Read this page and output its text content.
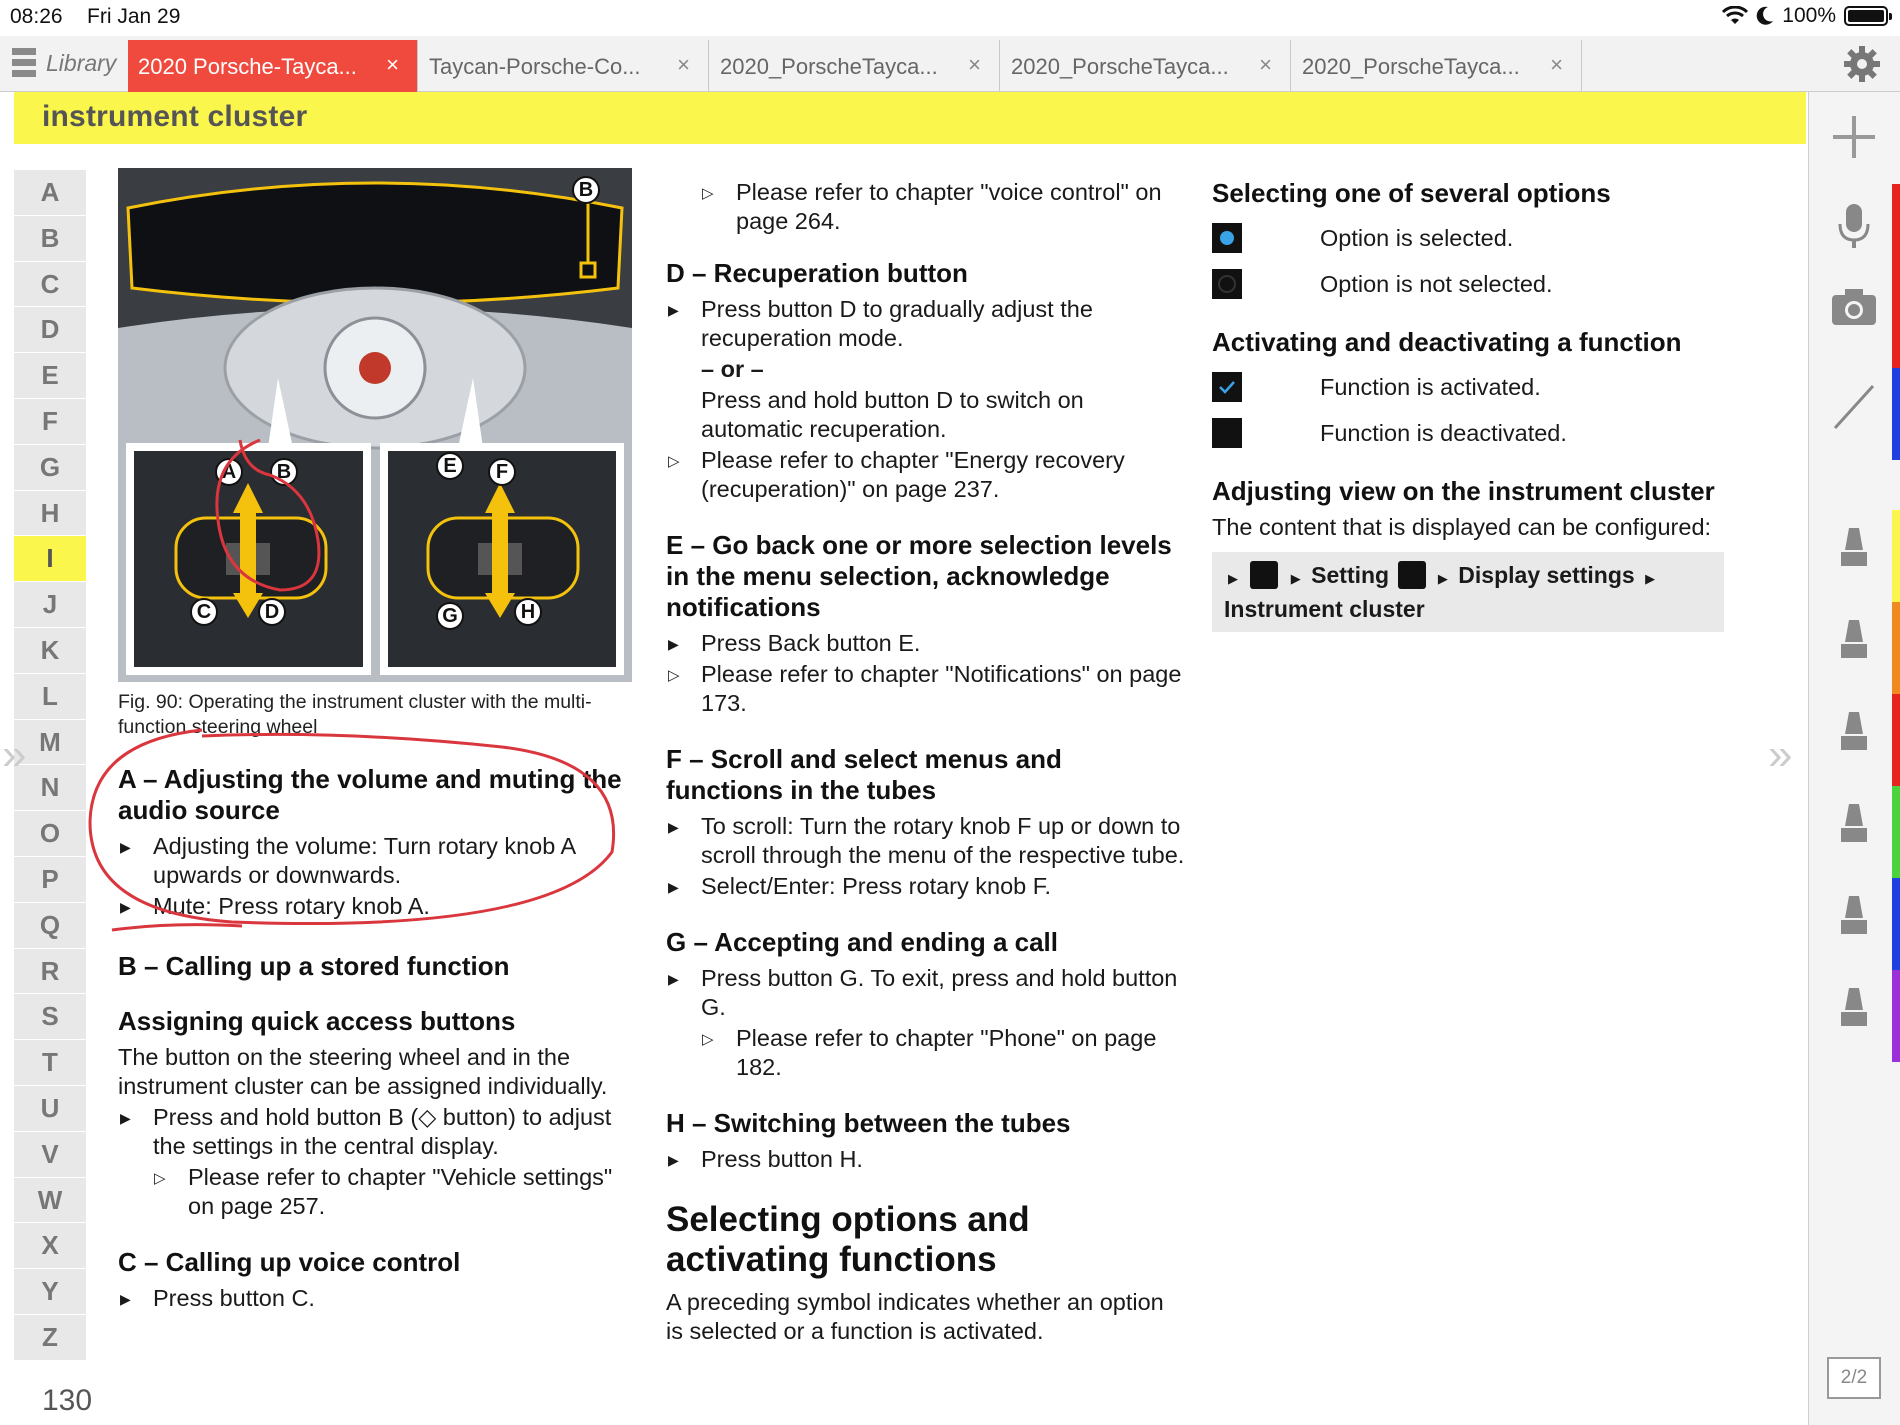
08:26 Fri Jan 29	100%
Library 2020 Porsche-Tayca... × Taycan-Porsche-Co... × 2020_PorscheTayca... × 2020_PorscheTayca... × 2020_PorscheTayca... ×
instrument cluster
A
B
C
D
E
F
G
H
I
J
K
L
M
N
O
P
Q
R
S
T
U
V
W
X
Y
Z
130
»	»
B
A	B	E	F
C	D	G	H
Fig. 90: Operating the instrument cluster with the multi-function steering wheel
A – Adjusting the volume and muting the audio source

▶ Adjusting the volume: Turn rotary knob A upwards or downwards.

▶ Mute: Press rotary knob A.

B – Calling up a stored function
Assigning quick access buttons

The button on the steering wheel and in the instrument cluster can be assigned individually.

▶ Press and hold button B (◇ button) to adjust the settings in the central display.

▷ Please refer to chapter "Vehicle settings" on page 257.

C – Calling up voice control

▶ Press button C.

▷ Please refer to chapter "voice control" on page 264.

D – Recuperation button

▶ Press button D to gradually adjust the recuperation mode.

– or –

Press and hold button D to switch on automatic recuperation.

▷ Please refer to chapter "Energy recovery (recuperation)" on page 237.

E – Go back one or more selection levels in the menu selection, acknowledge notifications

▶ Press Back button E.

▷ Please refer to chapter "Notifications" on page 173.

F – Scroll and select menus and functions in the tubes

▶ To scroll: Turn the rotary knob F up or down to scroll through the menu of the respective tube.

▶ Select/Enter: Press rotary knob F.

G – Accepting and ending a call

▶ Press button G. To exit, press and hold button G.

▷ Please refer to chapter "Phone" on page 182.

H – Switching between the tubes

▶ Press button H.

Selecting options and activating functions

A preceding symbol indicates whether an option is selected or a function is activated.

Selecting one of several options
Option is selected.
Option is not selected.
Activating and deactivating a function
Function is activated.
Function is deactivated.
Adjusting view on the instrument cluster

The content that is displayed can be configured:

▶	▶ Setting	▶ Display settings ▶ Instrument cluster
2/2
